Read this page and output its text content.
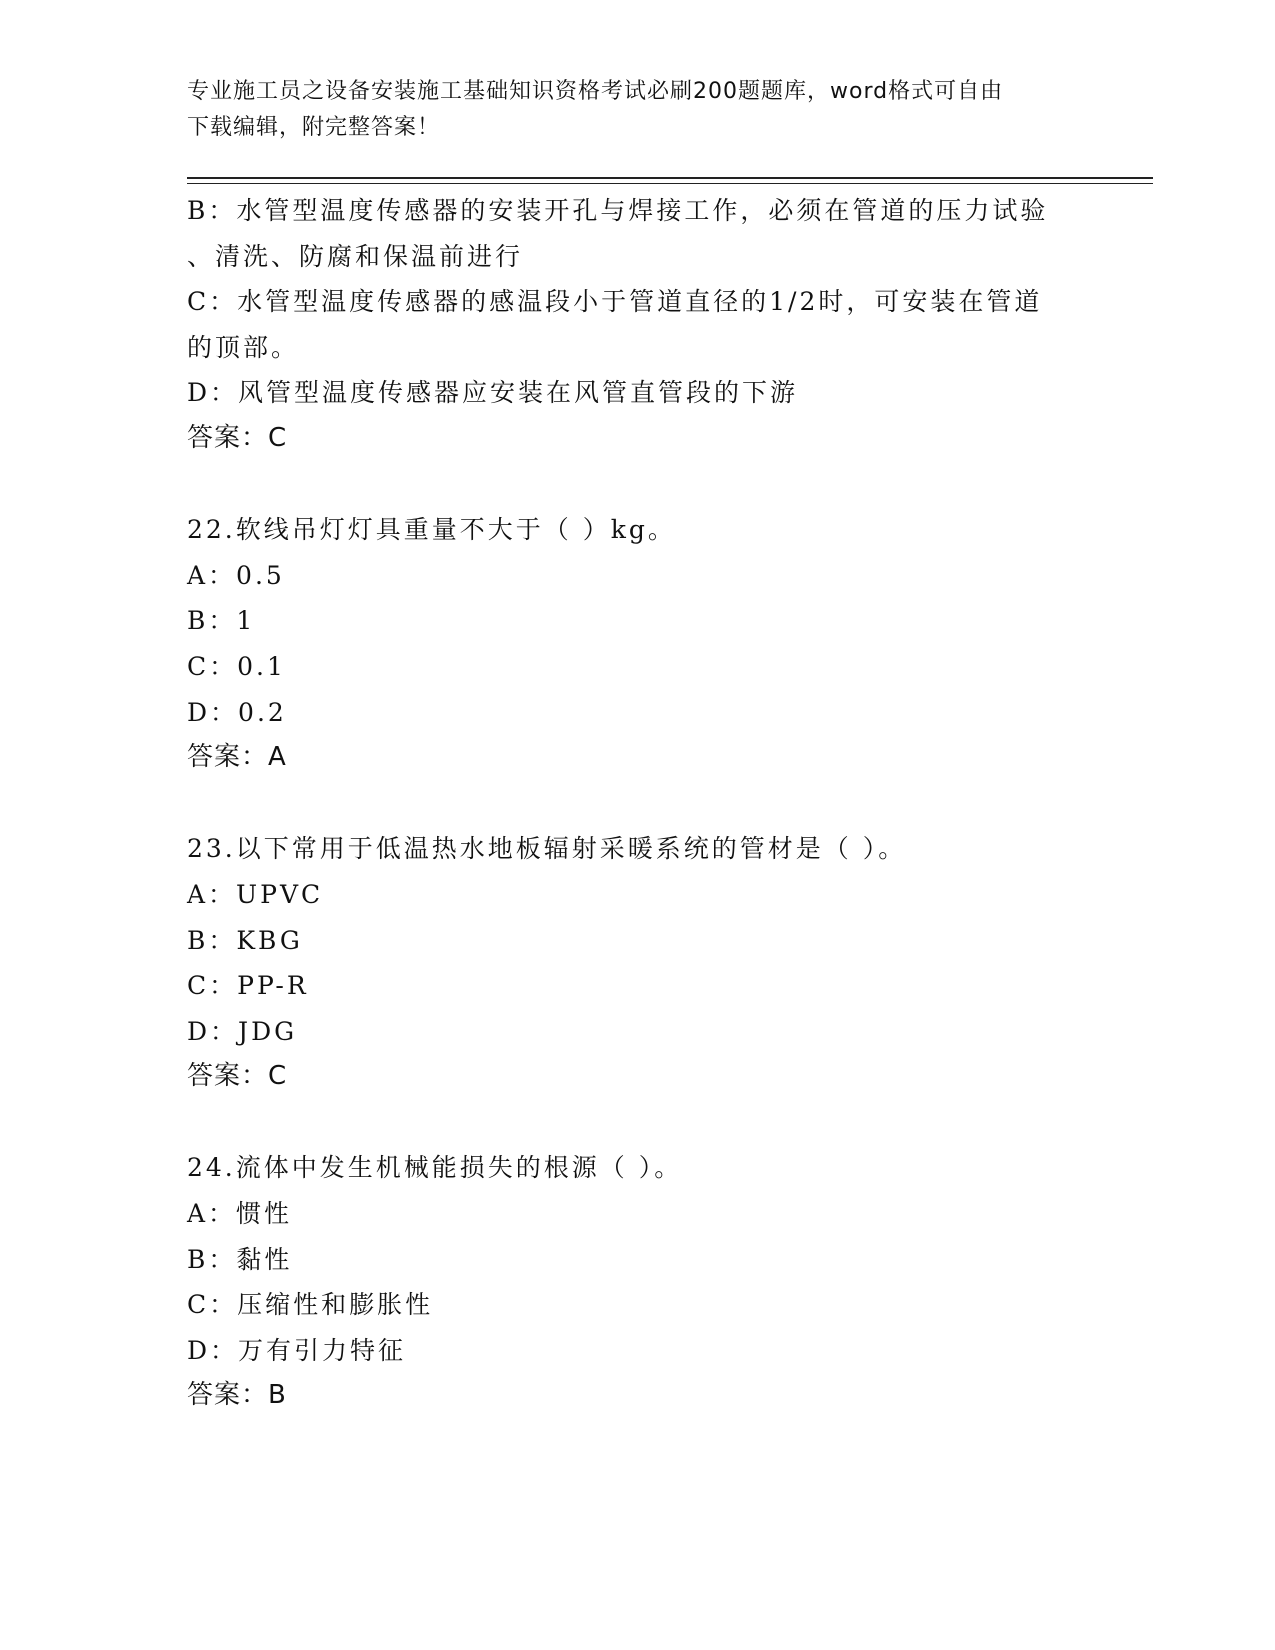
专业施工员之设备安装施工基础知识资格考试必刷200题题库，word格式可自由
下载编辑，附完整答案！
B：水管型温度传感器的安装开孔与焊接工作，必须在管道的压力试验
、清洗、防腐和保温前进行
C：水管型温度传感器的感温段小于管道直径的1/2时，可安装在管道
的顶部。
D：风管型温度传感器应安装在风管直管段的下游
答案：C
22.软线吊灯灯具重量不大于（ ）kg。
A：0.5
B：1
C：0.1
D：0.2
答案：A
23.以下常用于低温热水地板辐射采暖系统的管材是（ ）。
A：UPVC
B：KBG
C：PP-R
D：JDG
答案：C
24.流体中发生机械能损失的根源（ ）。
A：惯性
B：黏性
C：压缩性和膨胀性
D：万有引力特征
答案：B
